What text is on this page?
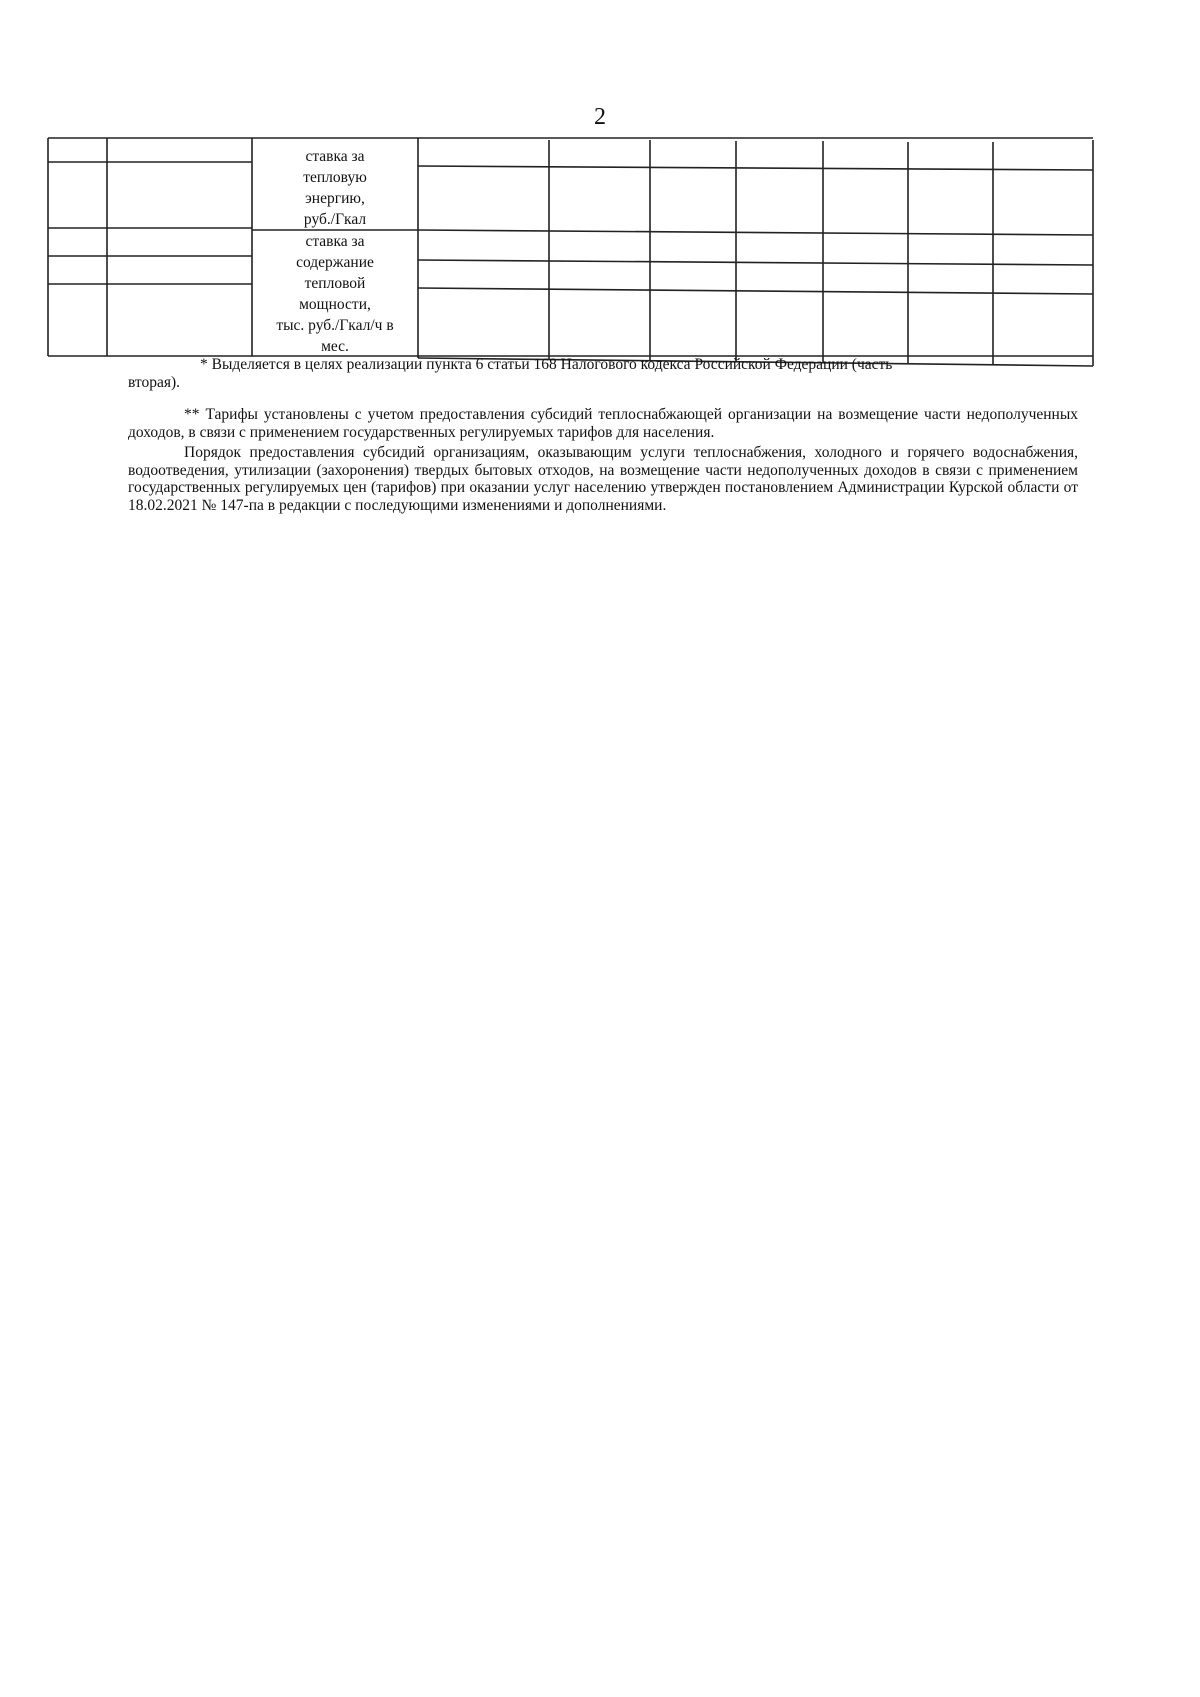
2
ставка за
тепловую
энергию,
руб./Гкал
ставка за
содержание
тепловой
мощности,
тыс. руб./Гкал/ч в
мес.

* Выделяется в целях реализации пункта 6 статьи 168 Налогового кодекса Российской Федерации (часть

вторая).

** Тарифы установлены с учетом предоставления субсидий теплоснабжающей организации на возмещение части недополученных доходов, в связи с применением государственных регулируемых тарифов для населения.

Порядок предоставления субсидий организациям, оказывающим услуги теплоснабжения, холодного и горячего водоснабжения, водоотведения, утилизации (захоронения) твердых бытовых отходов, на возмещение части недополученных доходов в связи с применением государственных регулируемых цен (тарифов) при оказании услуг населению утвержден постановлением Администрации Курской области от 18.02.2021 № 147-па в редакции с последующими изменениями и дополнениями.
